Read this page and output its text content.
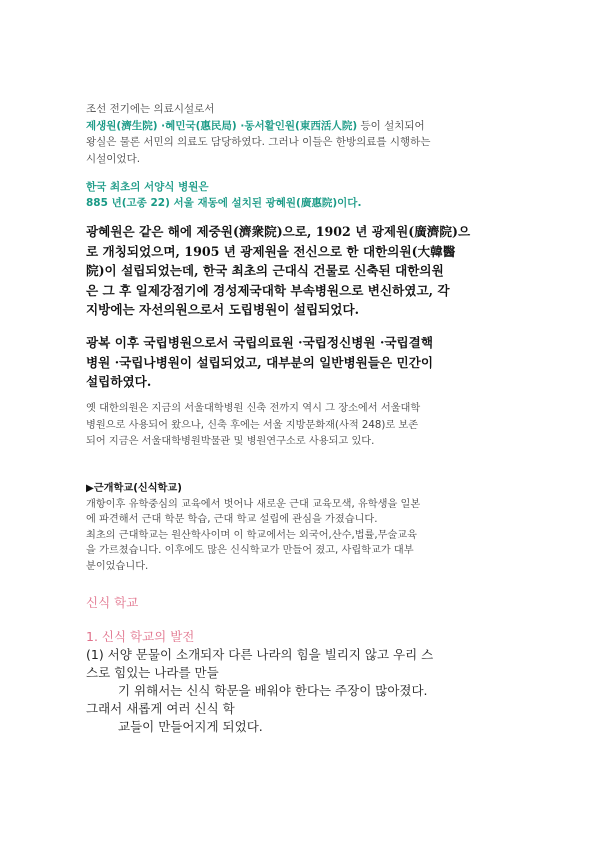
조선 전기에는 의료시설로서
제생원(濟生院) ·혜민국(惠民局) ·동서활인원(東西活人院) 등이 설치되어
왕실은 물론 서민의 의료도 담당하였다. 그러나 이들은 한방의료를 시행하는
시설이었다.
한국 최초의 서양식 병원은
885 년(고종 22) 서울 재동에 설치된 광혜원(廣惠院)이다.
광혜원은 같은 해에 제중원(濟衆院)으로, 1902 년 광제원(廣濟院)으
로 개칭되었으며, 1905 년 광제원을 전신으로 한 대한의원(大韓醫
院)이 설립되었는데, 한국 최초의 근대식 건물로 신축된 대한의원
은 그 후 일제강점기에 경성제국대학 부속병원으로 변신하였고, 각
지방에는 자선의원으로서 도립병원이 설립되었다.
광복 이후 국립병원으로서 국립의료원 ·국립정신병원 ·국립결핵
병원 ·국립나병원이 설립되었고, 대부분의 일반병원들은 민간이
설립하였다.
옛 대한의원은 지금의 서울대학병원 신축 전까지 역시 그 장소에서 서울대학
병원으로 사용되어 왔으나, 신축 후에는 서울 지방문화재(사적 248)로 보존
되어 지금은 서울대학병원박물관 및 병원연구소로 사용되고 있다.
▶근개학교(신식학교)
개항이후 유학중심의 교육에서 벗어나 새로운 근대 교육모색, 유학생을 일본
에 파견해서 근대 학문 학습, 근대 학교 설립에 관심을 가졌습니다.
최초의 근대학교는 원산학사이며 이 학교에서는 외국어,산수,법률,무술교육
을 가르쳤습니다. 이후에도 많은 신식학교가 만들어 졌고, 사립학교가 대부
분이었습니다.
신식 학교
1. 신식 학교의 발전
(1) 서양 문물이 소개되자 다른 나라의 힘을 빌리지 않고 우리 스
스로 힘있는 나라를 만들
기 위해서는 신식 학문을 배워야 한다는 주장이 많아졌다.
그래서 새롭게 여러 신식 학
교들이 만들어지게 되었다.
